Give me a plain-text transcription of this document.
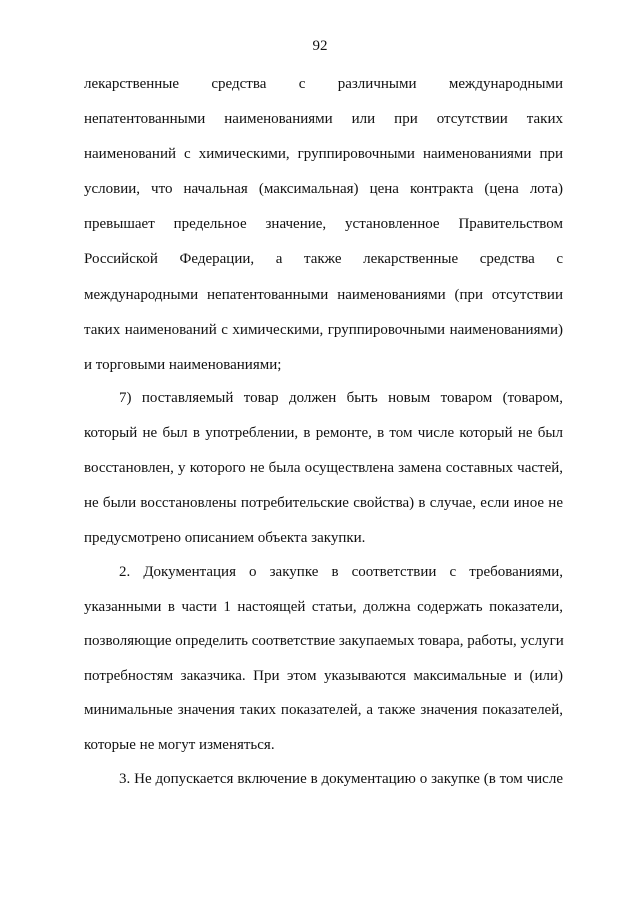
92
лекарственные средства с различными международными
непатентованными наименованиями или при отсутствии таких
наименований с химическими, группировочными наименованиями при
условии, что начальная (максимальная) цена контракта (цена лота)
превышает предельное значение, установленное Правительством
Российской Федерации, а также лекарственные средства с
международными непатентованными наименованиями (при отсутствии
таких наименований с химическими, группировочными наименованиями)
и торговыми наименованиями;
7) поставляемый товар должен быть новым товаром (товаром,
который не был в употреблении, в ремонте, в том числе который не был
восстановлен, у которого не была осуществлена замена составных частей,
не были восстановлены потребительские свойства) в случае, если иное не
предусмотрено описанием объекта закупки.
2. Документация о закупке в соответствии с требованиями,
указанными в части 1 настоящей статьи, должна содержать показатели,
позволяющие определить соответствие закупаемых товара, работы, услуги
потребностям заказчика. При этом указываются максимальные и (или)
минимальные значения таких показателей, а также значения показателей,
которые не могут изменяться.
3. Не допускается включение в документацию о закупке (в том числе
